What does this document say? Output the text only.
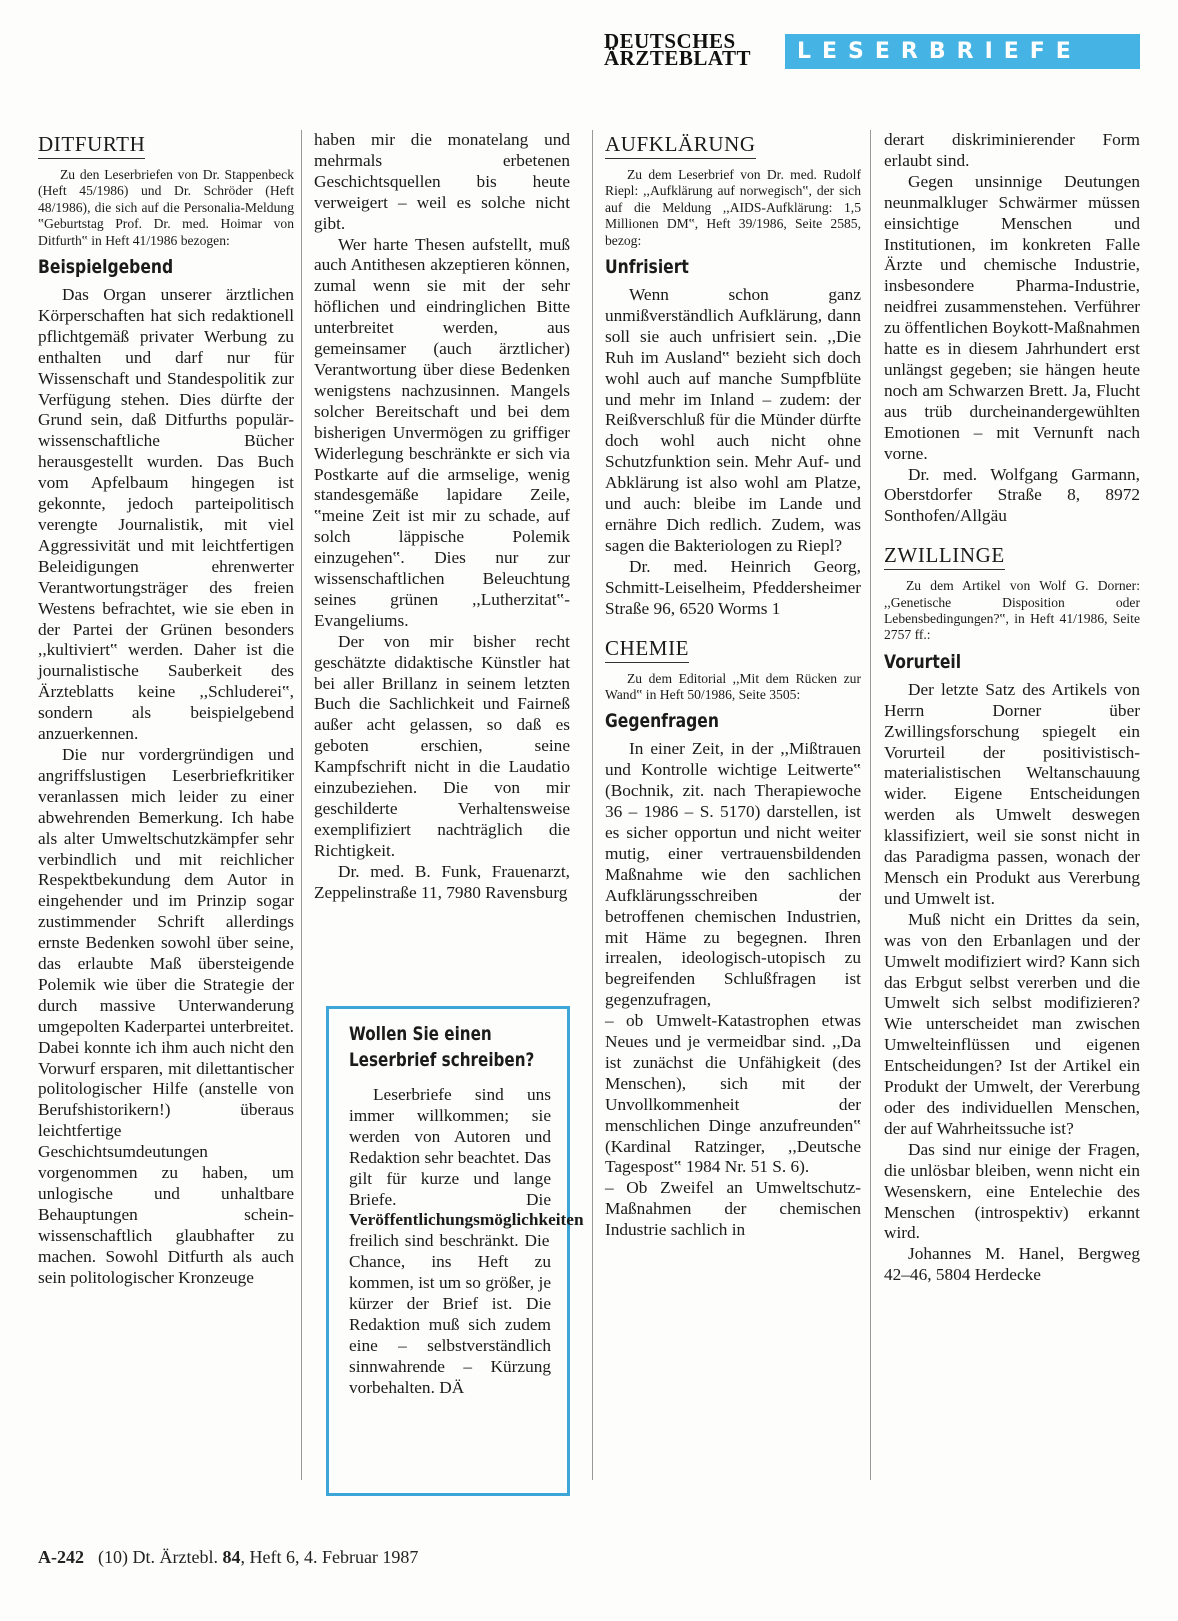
DEUTSCHES
ÄRZTEBLATT	LESERBRIEFE
DITFURTH

Zu den Leserbriefen von Dr. Stappenbeck (Heft 45/1986) und Dr. Schröder (Heft 48/1986), die sich auf die Personalia-Meldung ‟Geburtstag Prof. Dr. med. Hoimar von Ditfurth‟ in Heft 41/1986 bezogen:

Beispielgebend

Das Organ unserer ärztlichen Körperschaften hat sich redaktionell pflichtgemäß privater Werbung zu enthalten und darf nur für Wissenschaft und Standespolitik zur Verfügung stehen. Dies dürfte der Grund sein, daß Ditfurths populär-wissenschaftliche Bücher herausgestellt wurden. Das Buch vom Apfelbaum hingegen ist gekonnte, jedoch parteipolitisch verengte Journalistik, mit viel Aggressivität und mit leichtfertigen Beleidigungen ehrenwerter Verantwortungsträger des freien Westens befrachtet, wie sie eben in der Partei der Grünen besonders ,,kultiviert‟ werden. Daher ist die journalistische Sauberkeit des Ärzteblatts keine ,,Schluderei‟, sondern als beispielgebend anzuerkennen.

Die nur vordergründigen und angriffslustigen Leserbriefkritiker veranlassen mich leider zu einer abwehrenden Bemerkung. Ich habe als alter Umweltschutzkämpfer sehr verbindlich und mit reichlicher Respektbekundung dem Autor in eingehender und im Prinzip sogar zustimmender Schrift allerdings ernste Bedenken sowohl über seine, das erlaubte Maß übersteigende Polemik wie über die Strategie der durch massive Unterwanderung umgepolten Kaderpartei unterbreitet. Dabei konnte ich ihm auch nicht den Vorwurf ersparen, mit dilettantischer politologischer Hilfe (anstelle von Berufshistorikern!) überaus leichtfertige Geschichtsumdeutungen vorgenommen zu haben, um unlogische und unhaltbare Behauptungen schein-wissenschaftlich glaubhafter zu machen. Sowohl Ditfurth als auch sein politologischer Kronzeuge

haben mir die monatelang und mehrmals erbetenen Geschichtsquellen bis heute verweigert – weil es solche nicht gibt.

Wer harte Thesen aufstellt, muß auch Antithesen akzeptieren können, zumal wenn sie mit der sehr höflichen und eindringlichen Bitte unterbreitet werden, aus gemeinsamer (auch ärztlicher) Verantwortung über diese Bedenken wenigstens nachzusinnen. Mangels solcher Bereitschaft und bei dem bisherigen Unvermögen zu griffiger Widerlegung beschränkte er sich via Postkarte auf die armselige, wenig standesgemäße lapidare Zeile, ‟meine Zeit ist mir zu schade, auf solch läppische Polemik einzugehen‟. Dies nur zur wissenschaftlichen Beleuchtung seines grünen ,,Lutherzitat‟-Evangeliums.

Der von mir bisher recht geschätzte didaktische Künstler hat bei aller Brillanz in seinem letzten Buch die Sachlichkeit und Fairneß außer acht gelassen, so daß es geboten erschien, seine Kampfschrift nicht in die Laudatio einzubeziehen. Die von mir geschilderte Verhaltensweise exemplifiziert nachträglich die Richtigkeit.

Dr. med. B. Funk, Frauenarzt, Zeppelinstraße 11, 7980 Ravensburg

Wollen Sie einen
Leserbrief schreiben?

Leserbriefe sind uns immer willkommen; sie werden von Autoren und Redaktion sehr beachtet. Das gilt für kurze und lange Briefe. Die Veröffentlichungsmöglichkeiten freilich sind beschränkt. Die Chance, ins Heft zu kommen, ist um so größer, je kürzer der Brief ist. Die Redaktion muß sich zudem eine – selbstverständlich sinnwahrende – Kürzung vorbehalten. DÄ

AUFKLÄRUNG

Zu dem Leserbrief von Dr. med. Rudolf Riepl: ,,Aufklärung auf norwegisch‟, der sich auf die Meldung ,,AIDS-Aufklärung: 1,5 Millionen DM‟, Heft 39/1986, Seite 2585, bezog:

Unfrisiert

Wenn schon ganz unmißverständlich Aufklärung, dann soll sie auch unfrisiert sein. ,,Die Ruh im Ausland‟ bezieht sich doch wohl auch auf manche Sumpfblüte und mehr im Inland – zudem: der Reißverschluß für die Münder dürfte doch wohl auch nicht ohne Schutzfunktion sein. Mehr Auf- und Abklärung ist also wohl am Platze, und auch: bleibe im Lande und ernähre Dich redlich. Zudem, was sagen die Bakteriologen zu Riepl?

Dr. med. Heinrich Georg, Schmitt-Leiselheim, Pfeddersheimer Straße 96, 6520 Worms 1

CHEMIE

Zu dem Editorial ,,Mit dem Rücken zur Wand‟ in Heft 50/1986, Seite 3505:

Gegenfragen

In einer Zeit, in der ,,Mißtrauen und Kontrolle wichtige Leitwerte‟ (Bochnik, zit. nach Therapiewoche 36 – 1986 – S. 5170) darstellen, ist es sicher opportun und nicht weiter mutig, einer vertrauensbildenden Maßnahme wie den sachlichen Aufklärungsschreiben der betroffenen chemischen Industrien, mit Häme zu begegnen. Ihren irrealen, ideologisch-utopisch zu begreifenden Schlußfragen ist gegenzufragen,

– ob Umwelt-Katastrophen etwas Neues und je vermeidbar sind. ,,Da ist zunächst die Unfähigkeit (des Menschen), sich mit der Unvollkommenheit der menschlichen Dinge anzufreunden‟ (Kardinal Ratzinger, ,,Deutsche Tagespost‟ 1984 Nr. 51 S. 6).

– Ob Zweifel an Umweltschutz-Maßnahmen der chemischen Industrie sachlich in

derart diskriminierender Form erlaubt sind.

Gegen unsinnige Deutungen neunmalkluger Schwärmer müssen einsichtige Menschen und Institutionen, im konkreten Falle Ärzte und chemische Industrie, insbesondere Pharma-Industrie, neidfrei zusammenstehen. Verführer zu öffentlichen Boykott-Maßnahmen hatte es in diesem Jahrhundert erst unlängst gegeben; sie hängen heute noch am Schwarzen Brett. Ja, Flucht aus trüb durcheinandergewühlten Emotionen – mit Vernunft nach vorne.

Dr. med. Wolfgang Garmann, Oberstdorfer Straße 8, 8972 Sonthofen/Allgäu

ZWILLINGE

Zu dem Artikel von Wolf G. Dorner: ,,Genetische Disposition oder Lebensbedingungen?‟, in Heft 41/1986, Seite 2757 ff.:

Vorurteil

Der letzte Satz des Artikels von Herrn Dorner über Zwillingsforschung spiegelt ein Vorurteil der positivistisch-materialistischen Weltanschauung wider. Eigene Entscheidungen werden als Umwelt deswegen klassifiziert, weil sie sonst nicht in das Paradigma passen, wonach der Mensch ein Produkt aus Vererbung und Umwelt ist.

Muß nicht ein Drittes da sein, was von den Erbanlagen und der Umwelt modifiziert wird? Kann sich das Erbgut selbst vererben und die Umwelt sich selbst modifizieren? Wie unterscheidet man zwischen Umwelteinflüssen und eigenen Entscheidungen? Ist der Artikel ein Produkt der Umwelt, der Vererbung oder des individuellen Menschen, der auf Wahrheitssuche ist?

Das sind nur einige der Fragen, die unlösbar bleiben, wenn nicht ein Wesenskern, eine Entelechie des Menschen (introspektiv) erkannt wird.

Johannes M. Hanel, Bergweg 42–46, 5804 Herdecke

A-242 (10) Dt. Ärztebl. 84, Heft 6, 4. Februar 1987
